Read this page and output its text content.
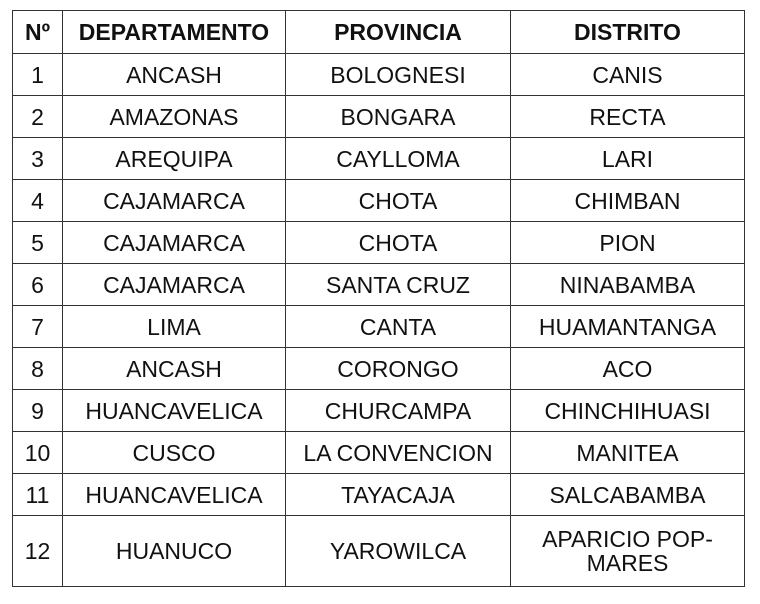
Nº	DEPARTAMENTO	PROVINCIA	DISTRITO
1	ANCASH	BOLOGNESI	CANIS
2	AMAZONAS	BONGARA	RECTA
3	AREQUIPA	CAYLLOMA	LARI
4	CAJAMARCA	CHOTA	CHIMBAN
5	CAJAMARCA	CHOTA	PION
6	CAJAMARCA	SANTA CRUZ	NINABAMBA
7	LIMA	CANTA	HUAMANTANGA
8	ANCASH	CORONGO	ACO
9	HUANCAVELICA	CHURCAMPA	CHINCHIHUASI
10	CUSCO	LA CONVENCION	MANITEA
11	HUANCAVELICA	TAYACAJA	SALCABAMBA
12	HUANUCO	YAROWILCA	APARICIO POP-MARES
